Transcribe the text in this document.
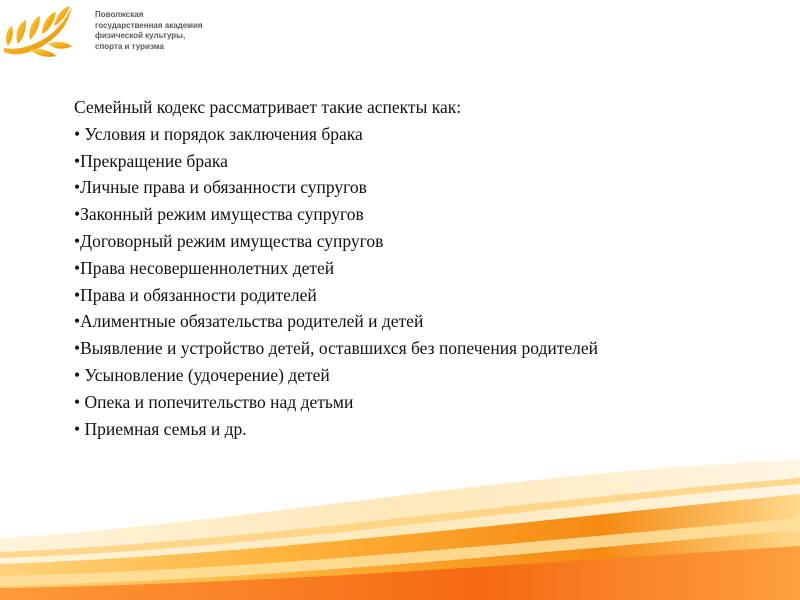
Поволжская
государственная академия
физической культуры,
спорта и туризма
Семейный кодекс рассматривает такие аспекты как:
• Условия и порядок заключения брака
•Прекращение брака
•Личные права и обязанности супругов
•Законный режим имущества супругов
•Договорный режим имущества супругов
•Права несовершеннолетних детей
•Права и обязанности родителей
•Алиментные обязательства родителей и детей
•Выявление и устройство детей, оставшихся без попечения родителей
• Усыновление (удочерение) детей
• Опека и попечительство над детьми
• Приемная семья и др.
